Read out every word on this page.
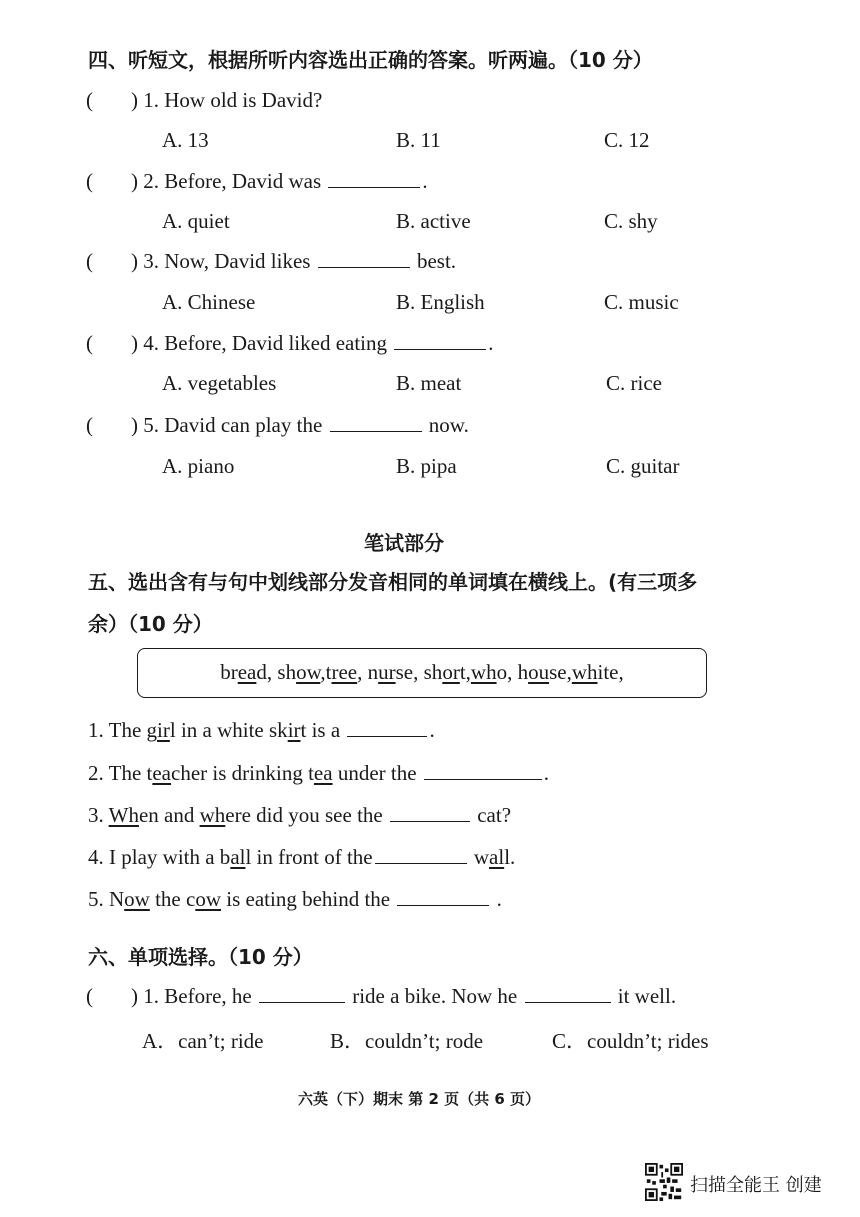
四、听短文，根据所听内容选出正确的答案。听两遍。（10 分）
( ) 1. How old is David?
A. 13	B. 11	C. 12
( ) 2. Before, David was	.
A. quiet	B. active	C. shy
( ) 3. Now, David likes	best.
A. Chinese	B. English	C. music
( ) 4. Before, David liked eating	.
A. vegetables	B. meat	C. rice
( ) 5. David can play the	now.
A. piano	B. pipa	C. guitar
笔试部分
五、选出含有与句中划线部分发音相同的单词填在横线上。(有三项多
余）（10 分）
bread, show,tree, nurse, short,who, house,white,
1. The girl in a white skirt is a	.
2. The teacher is drinking tea under the	.
3. When and where did you see the	cat?
4. I play with a ball in front of the	wall.
5. Now the cow is eating behind the	.
六、单项选择。（10 分）
( ) 1. Before, he	ride a bike. Now he	it well.
A．can’t; ride	B．couldn’t; rode	C．couldn’t; rides
六英（下）期末 第 2 页（共 6 页）
扫描全能王 创建
